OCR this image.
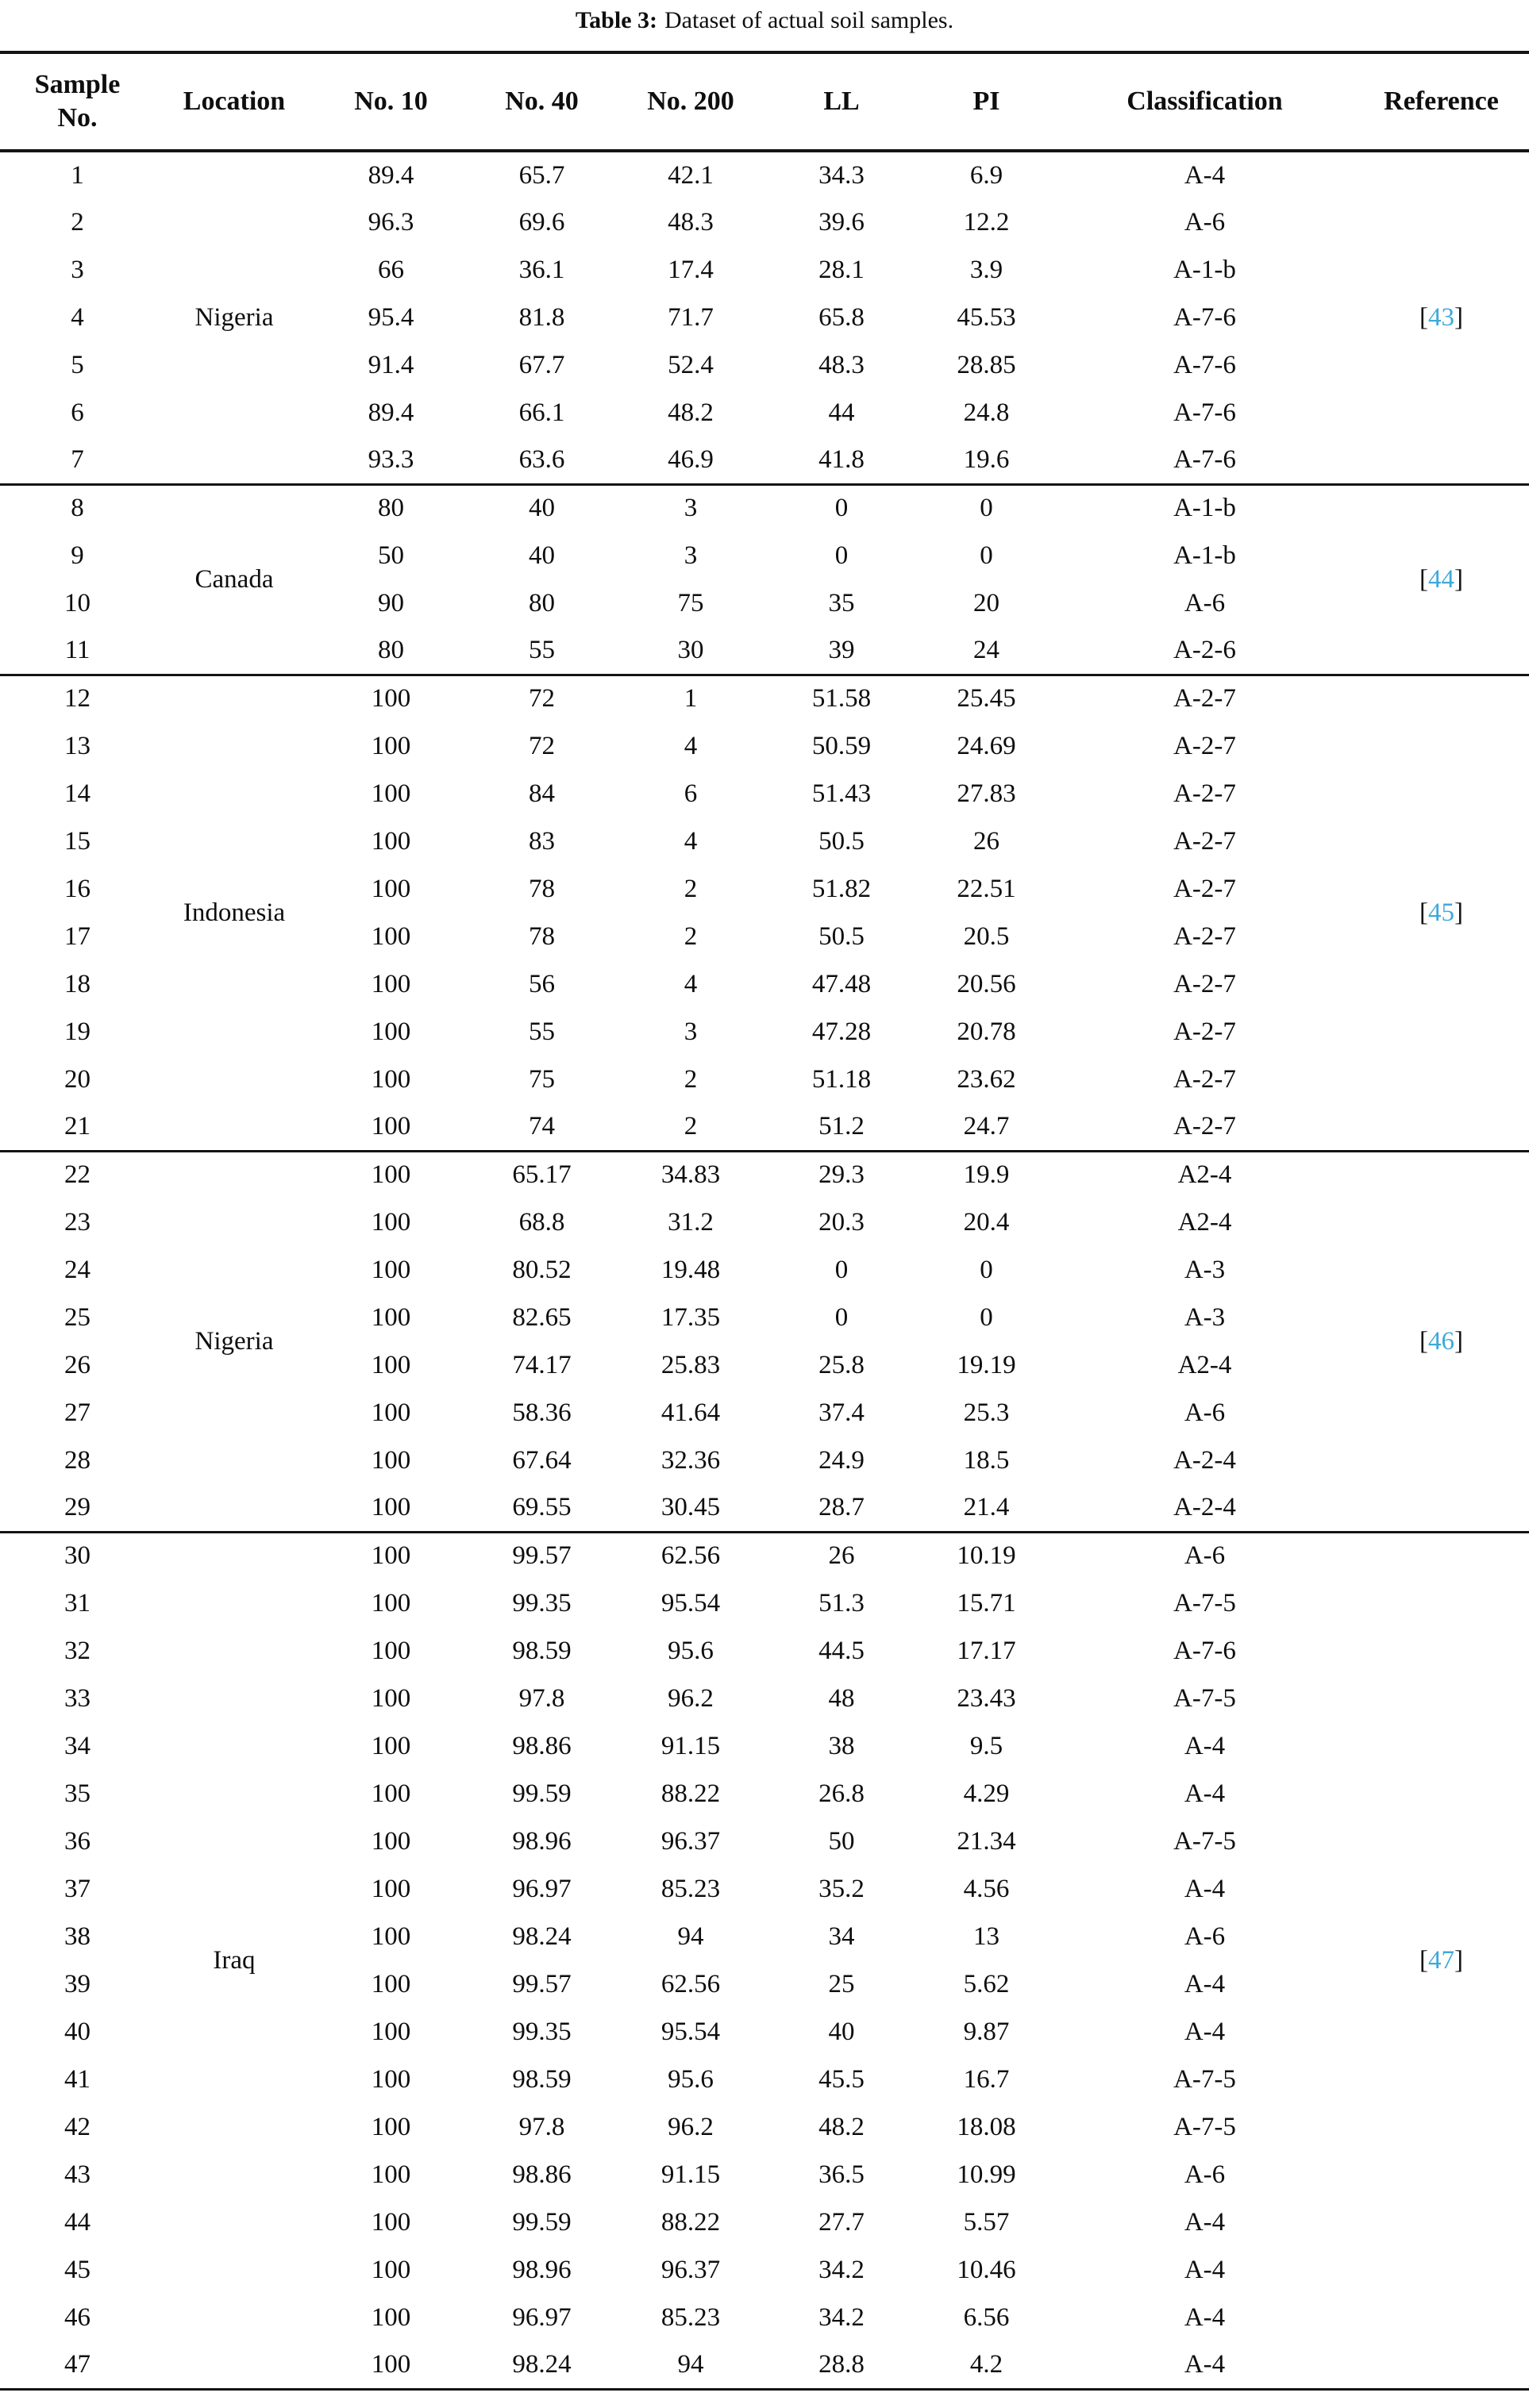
Table 3: Dataset of actual soil samples.
Sample No.	Location	No. 10	No. 40	No. 200	LL	PI	Classification	Reference
1	Nigeria	89.4	65.7	42.1	34.3	6.9	A-4	[43]
2		96.3	69.6	48.3	39.6	12.2	A-6	
3		66	36.1	17.4	28.1	3.9	A-1-b	
4		95.4	81.8	71.7	65.8	45.53	A-7-6	
5		91.4	67.7	52.4	48.3	28.85	A-7-6	
6		89.4	66.1	48.2	44	24.8	A-7-6	
7		93.3	63.6	46.9	41.8	19.6	A-7-6	
8	Canada	80	40	3	0	0	A-1-b	[44]
9		50	40	3	0	0	A-1-b	
10		90	80	75	35	20	A-6	
11		80	55	30	39	24	A-2-6	
12	Indonesia	100	72	1	51.58	25.45	A-2-7	[45]
13		100	72	4	50.59	24.69	A-2-7	
14		100	84	6	51.43	27.83	A-2-7	
15		100	83	4	50.5	26	A-2-7	
16		100	78	2	51.82	22.51	A-2-7	
17		100	78	2	50.5	20.5	A-2-7	
18		100	56	4	47.48	20.56	A-2-7	
19		100	55	3	47.28	20.78	A-2-7	
20		100	75	2	51.18	23.62	A-2-7	
21		100	74	2	51.2	24.7	A-2-7	
22	Nigeria	100	65.17	34.83	29.3	19.9	A2-4	[46]
23		100	68.8	31.2	20.3	20.4	A2-4	
24		100	80.52	19.48	0	0	A-3	
25		100	82.65	17.35	0	0	A-3	
26		100	74.17	25.83	25.8	19.19	A2-4	
27		100	58.36	41.64	37.4	25.3	A-6	
28		100	67.64	32.36	24.9	18.5	A-2-4	
29		100	69.55	30.45	28.7	21.4	A-2-4	
30	Iraq	100	99.57	62.56	26	10.19	A-6	[47]
31		100	99.35	95.54	51.3	15.71	A-7-5	
32		100	98.59	95.6	44.5	17.17	A-7-6	
33		100	97.8	96.2	48	23.43	A-7-5	
34		100	98.86	91.15	38	9.5	A-4	
35		100	99.59	88.22	26.8	4.29	A-4	
36		100	98.96	96.37	50	21.34	A-7-5	
37		100	96.97	85.23	35.2	4.56	A-4	
38		100	98.24	94	34	13	A-6	
39		100	99.57	62.56	25	5.62	A-4	
40		100	99.35	95.54	40	9.87	A-4	
41		100	98.59	95.6	45.5	16.7	A-7-5	
42		100	97.8	96.2	48.2	18.08	A-7-5	
43		100	98.86	91.15	36.5	10.99	A-6	
44		100	99.59	88.22	27.7	5.57	A-4	
45		100	98.96	96.37	34.2	10.46	A-4	
46		100	96.97	85.23	34.2	6.56	A-4	
47		100	98.24	94	28.8	4.2	A-4	
